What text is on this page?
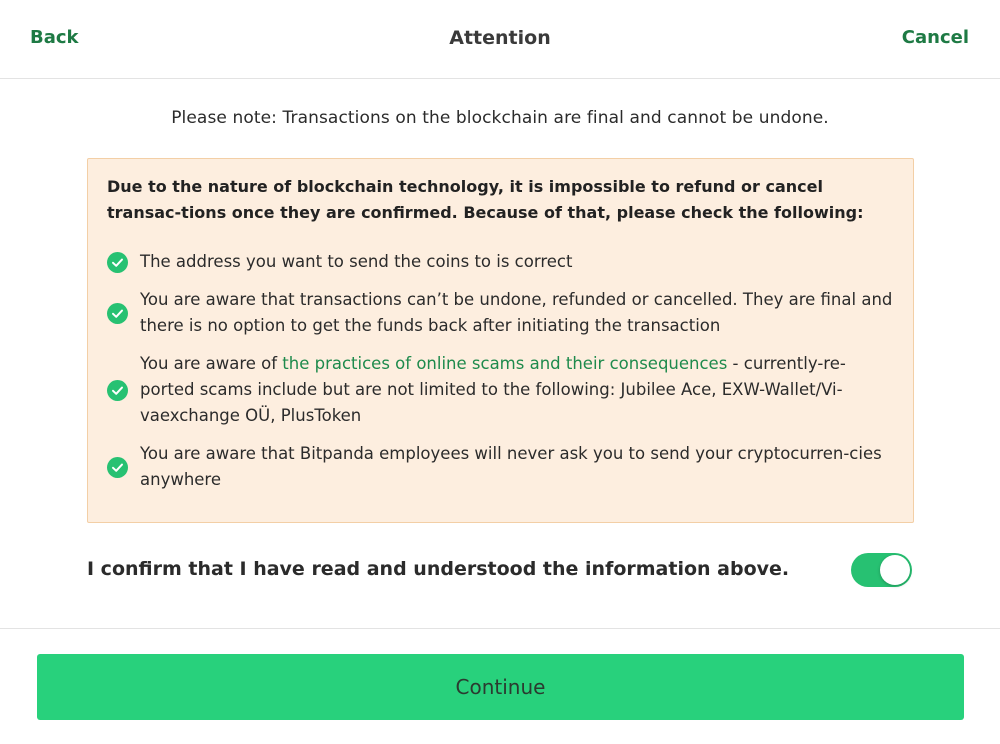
Back	Attention	Cancel
Please note: Transactions on the blockchain are final and cannot be undone.
Due to the nature of blockchain technology, it is impossible to refund or cancel transac-tions once they are confirmed. Because of that, please check the following:
The address you want to send the coins to is correct
You are aware that transactions can’t be undone, refunded or cancelled. They are final and there is no option to get the funds back after initiating the transaction
You are aware of the practices of online scams and their consequences - currently-re-ported scams include but are not limited to the following: Jubilee Ace, EXW-Wallet/Vi-vaexchange OÜ, PlusToken
You are aware that Bitpanda employees will never ask you to send your cryptocurren-cies anywhere
I confirm that I have read and understood the information above.
Continue
